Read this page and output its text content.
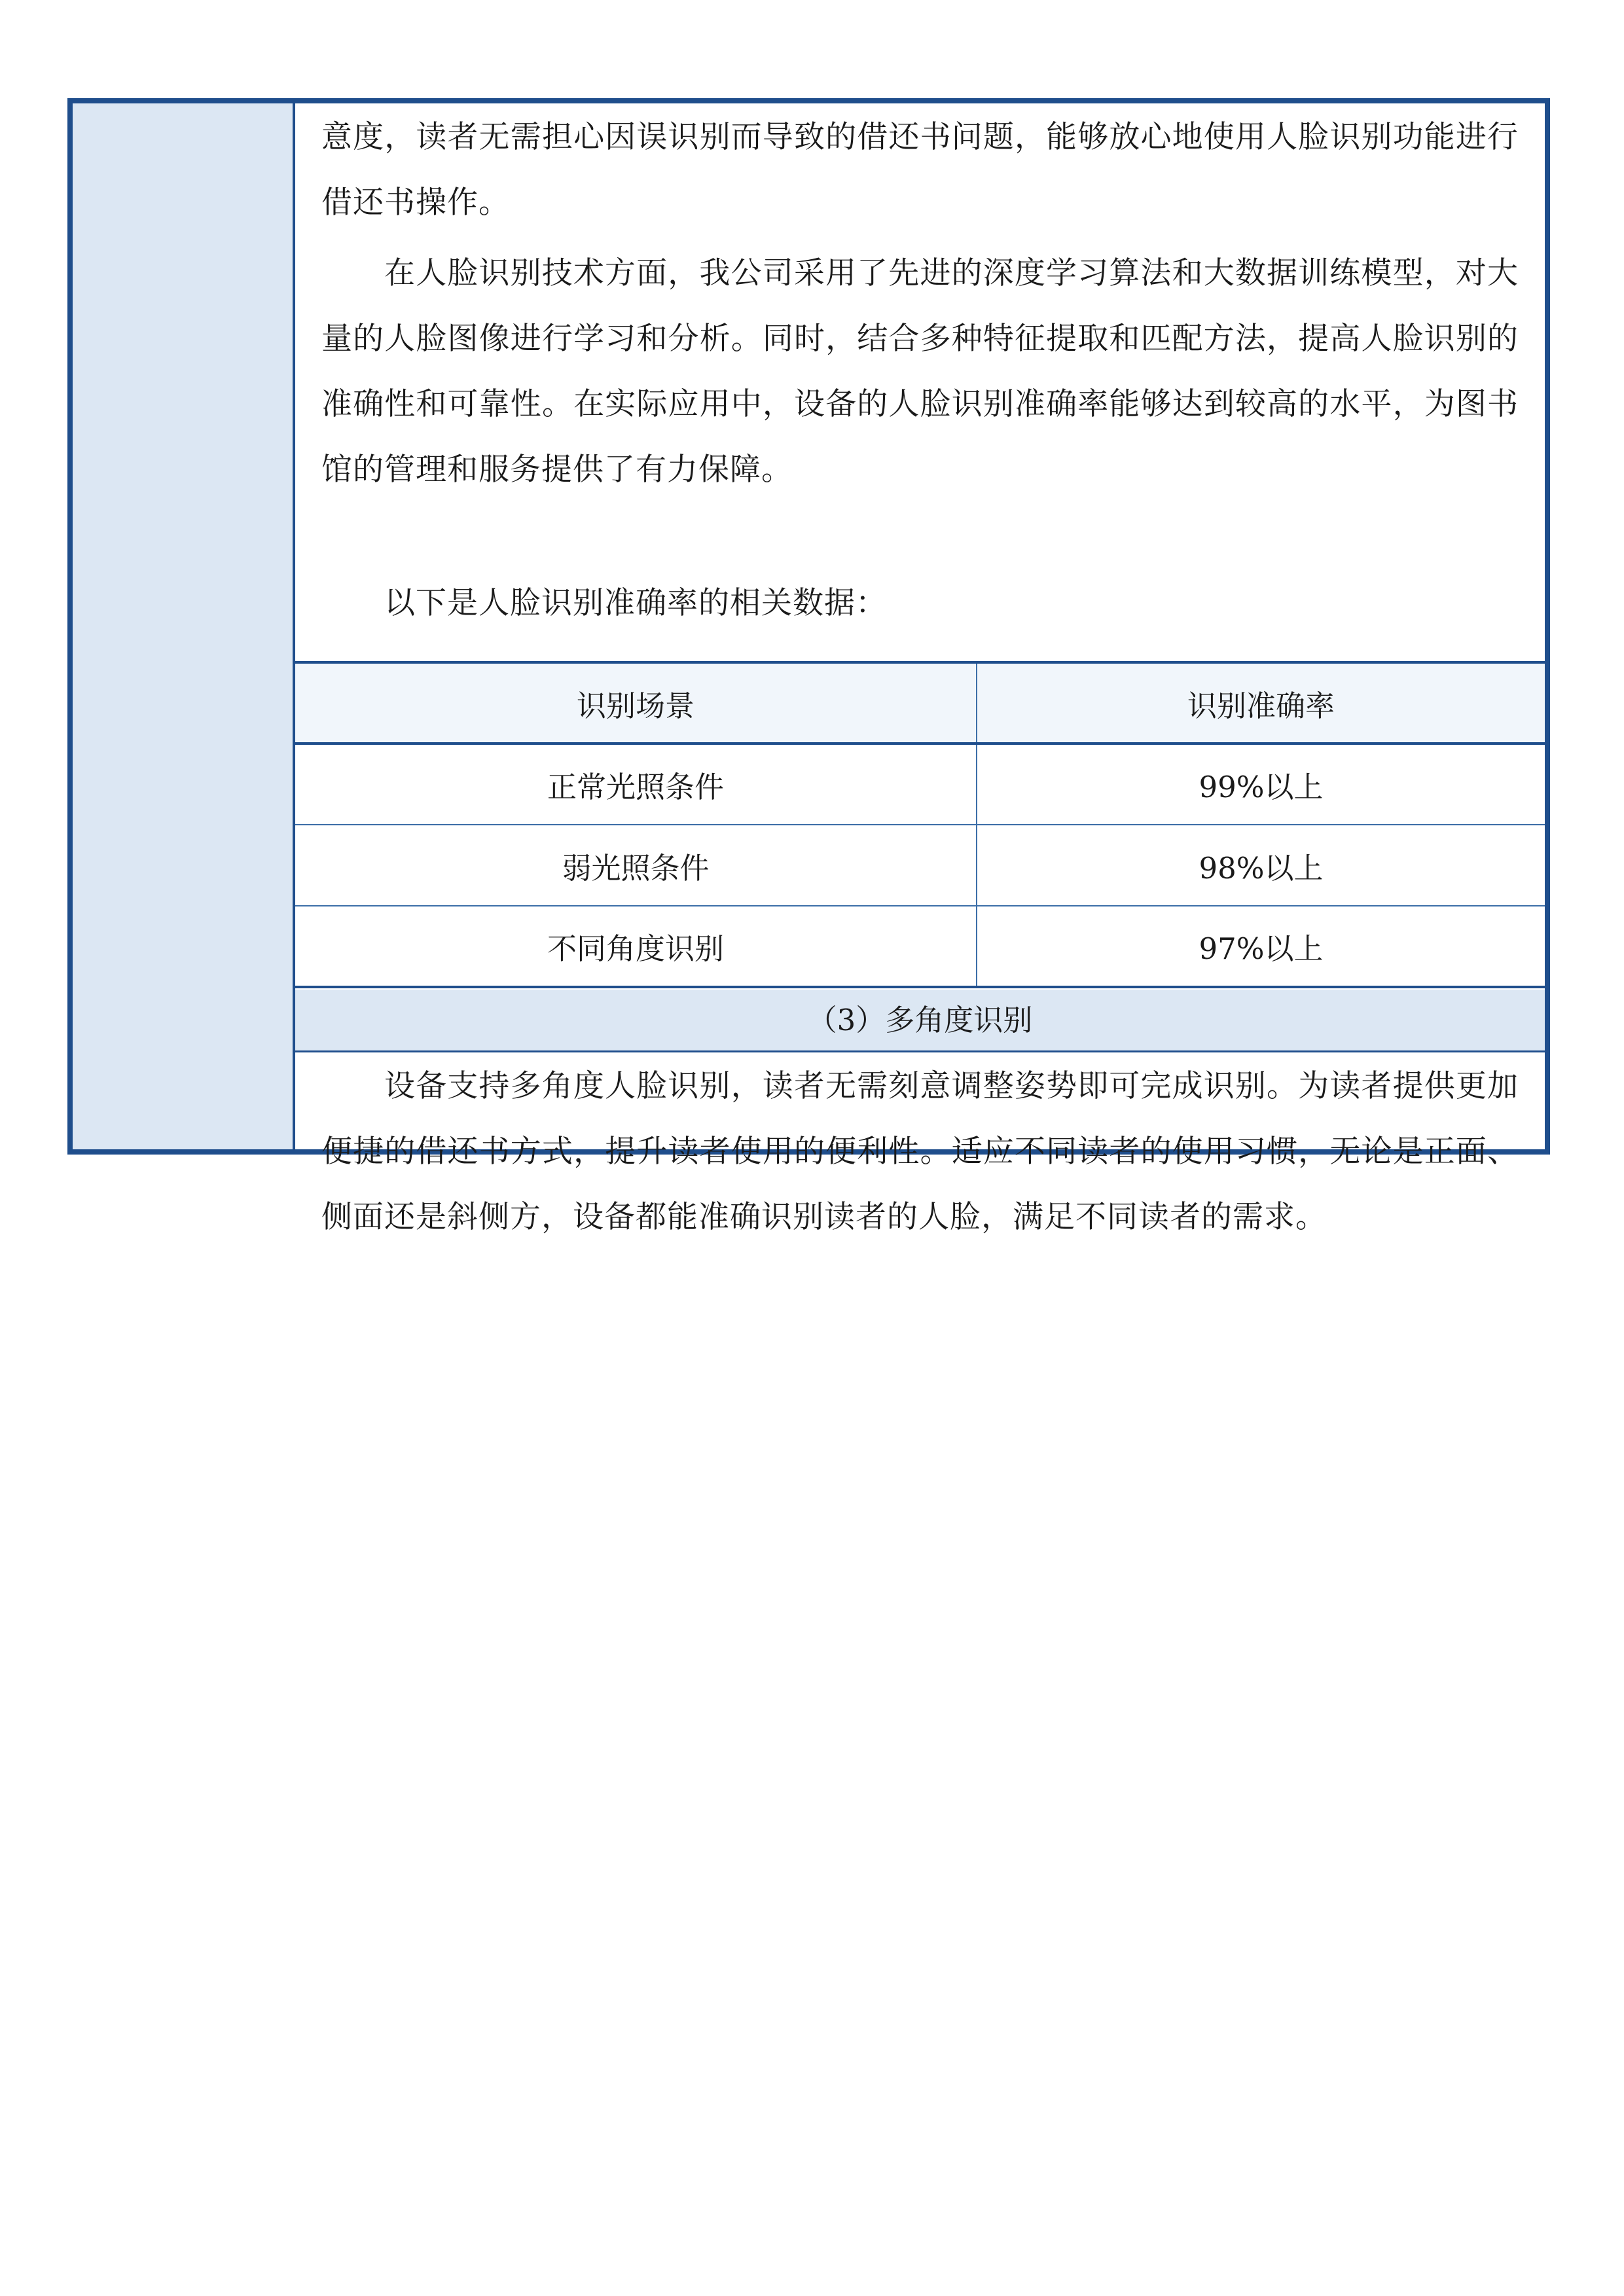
意度，读者无需担心因误识别而导致的借还书问题，能够放心地使用人脸识别功能进行借还书操作。

在人脸识别技术方面，我公司采用了先进的深度学习算法和大数据训练模型，对大量的人脸图像进行学习和分析。同时，结合多种特征提取和匹配方法，提高人脸识别的准确性和可靠性。在实际应用中，设备的人脸识别准确率能够达到较高的水平，为图书馆的管理和服务提供了有力保障。

以下是人脸识别准确率的相关数据：

识别场景	识别准确率
正常光照条件	99%以上
弱光照条件	98%以上
不同角度识别	97%以上
（3）多角度识别

设备支持多角度人脸识别，读者无需刻意调整姿势即可完成识别。为读者提供更加便捷的借还书方式，提升读者使用的便利性。适应不同读者的使用习惯，无论是正面、侧面还是斜侧方，设备都能准确识别读者的人脸，满足不同读者的需求。
